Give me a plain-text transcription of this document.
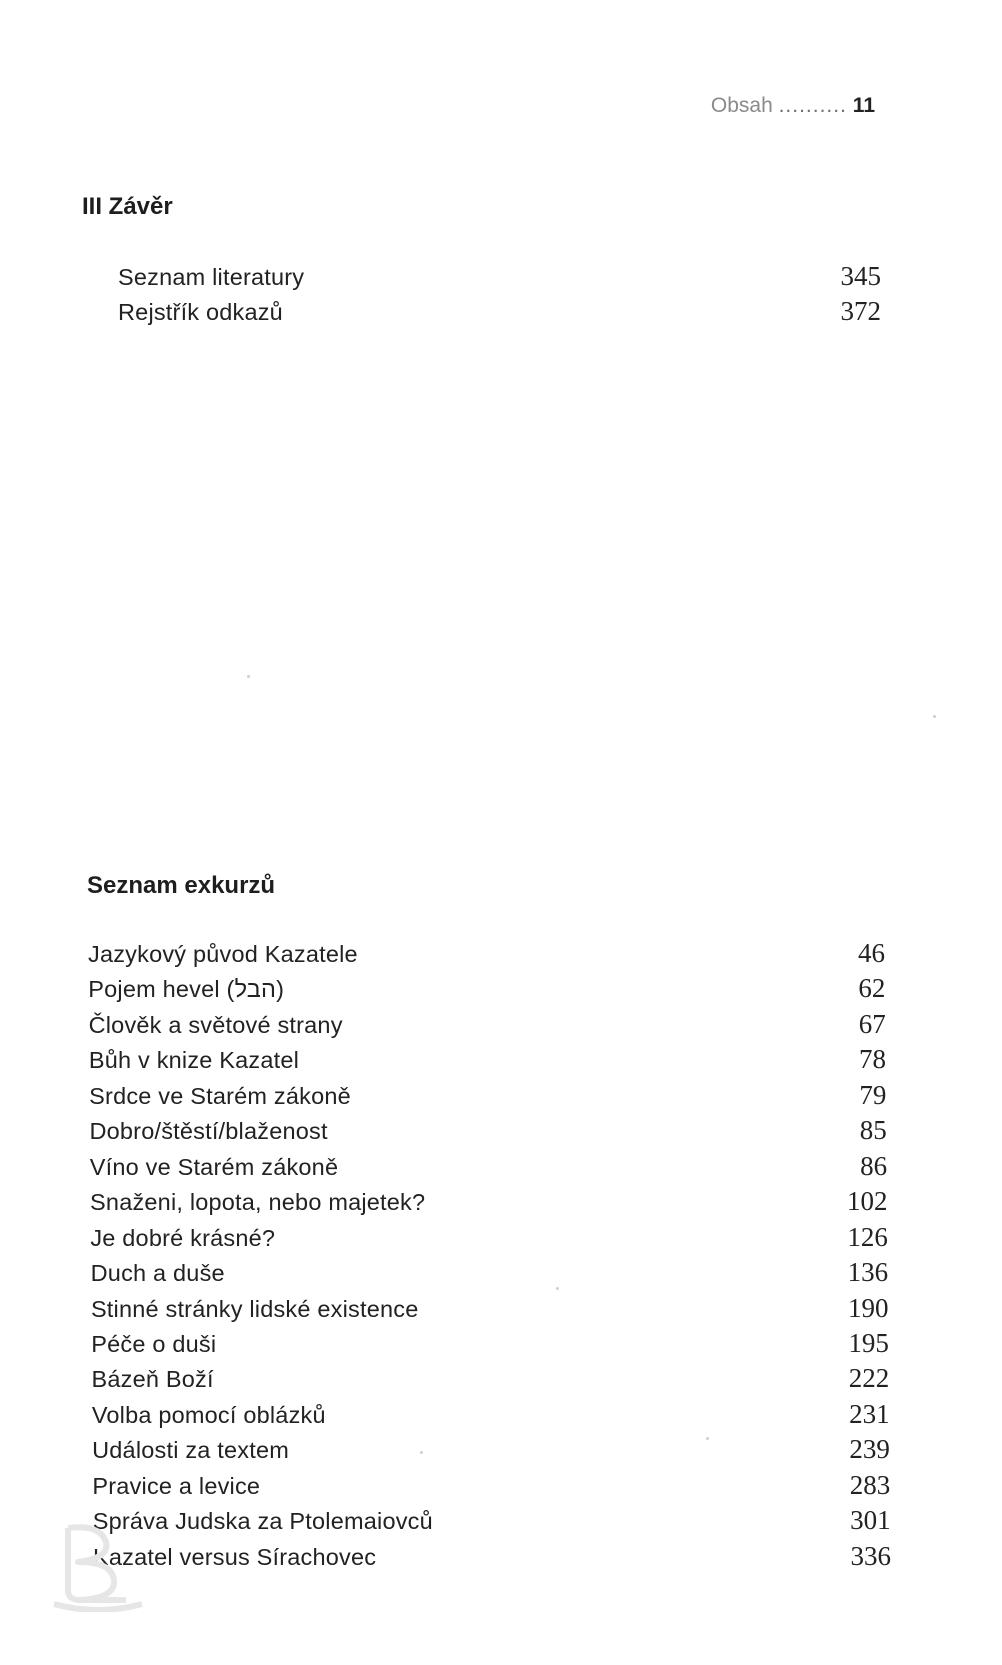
Obsah .......... 11
III Závěr
Seznam literatury	345
Rejstřík odkazů	372
Seznam exkurzů
Jazykový původ Kazatele	46
Pojem hevel (הבל)	62
Člověk a světové strany	67
Bůh v knize Kazatel	78
Srdce ve Starém zákoně	79
Dobro/štěstí/blaženost	85
Víno ve Starém zákoně	86
Snaženi, lopota, nebo majetek?	102
Je dobré krásné?	126
Duch a duše	136
Stinné stránky lidské existence	190
Péče o duši	195
Bázeň Boží	222
Volba pomocí oblázků	231
Události za textem	239
Pravice a levice	283
Správa Judska za Ptolemaiovců	301
Kazatel versus Sírachovec	336
